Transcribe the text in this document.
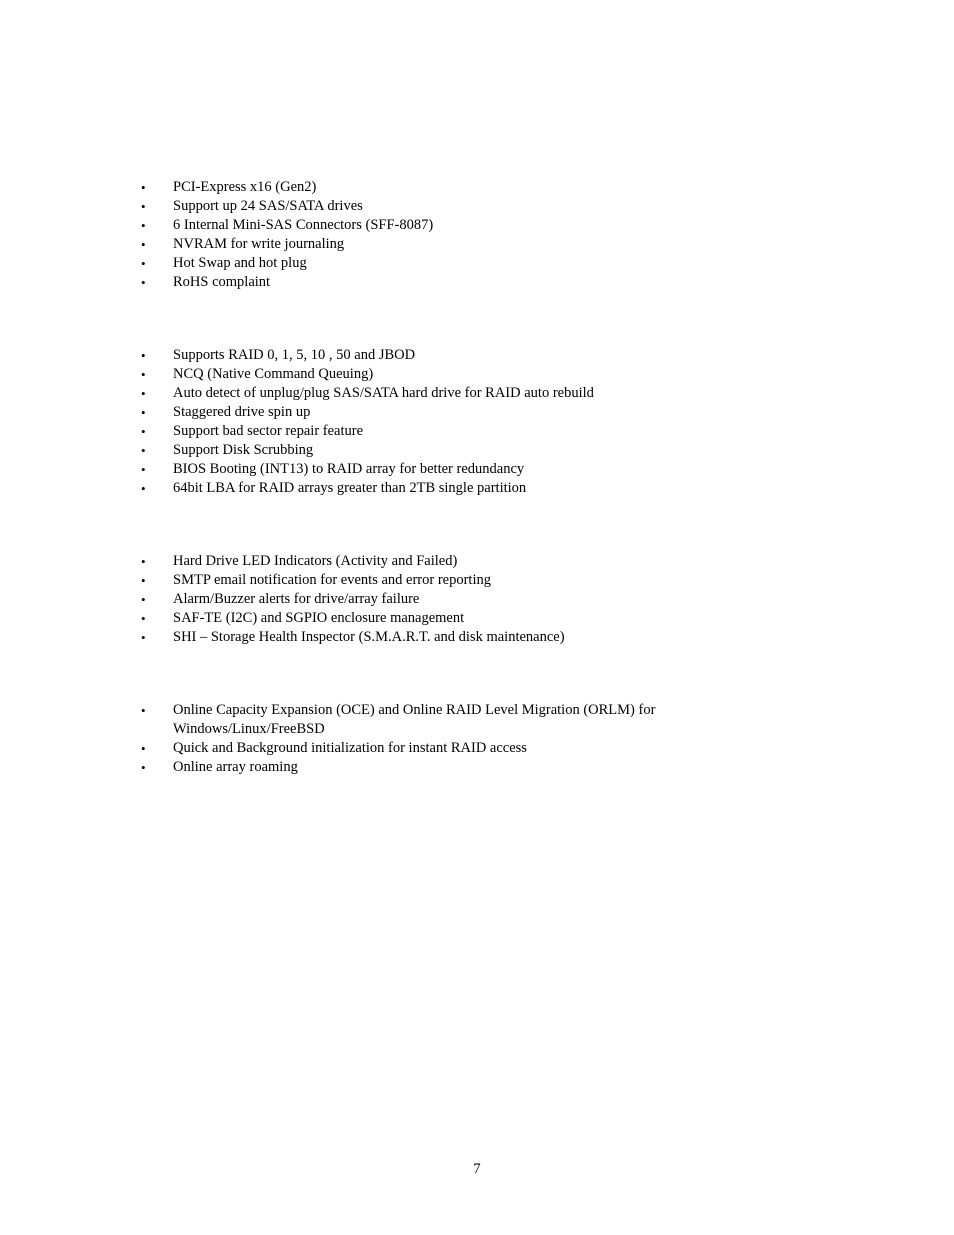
• PCI-Express x16 (Gen2)
• Support up 24 SAS/SATA drives
• 6 Internal Mini-SAS Connectors (SFF-8087)
• NVRAM for write journaling
• Hot Swap and hot plug
• RoHS complaint
• Supports RAID 0, 1, 5, 10 , 50 and JBOD
• NCQ (Native Command Queuing)
• Auto detect of unplug/plug SAS/SATA hard drive for RAID auto rebuild
• Staggered drive spin up
• Support bad sector repair feature
• Support Disk Scrubbing
• BIOS Booting (INT13) to RAID array for better redundancy
• 64bit LBA for RAID arrays greater than 2TB single partition
• Hard Drive LED Indicators (Activity and Failed)
• SMTP email notification for events and error reporting
• Alarm/Buzzer alerts for drive/array failure
• SAF-TE (I2C) and SGPIO enclosure management
• SHI – Storage Health Inspector (S.M.A.R.T. and disk maintenance)
• Online Capacity Expansion (OCE) and Online RAID Level Migration (ORLM) for Windows/Linux/FreeBSD
• Quick and Background initialization for instant RAID access
• Online array roaming
7
